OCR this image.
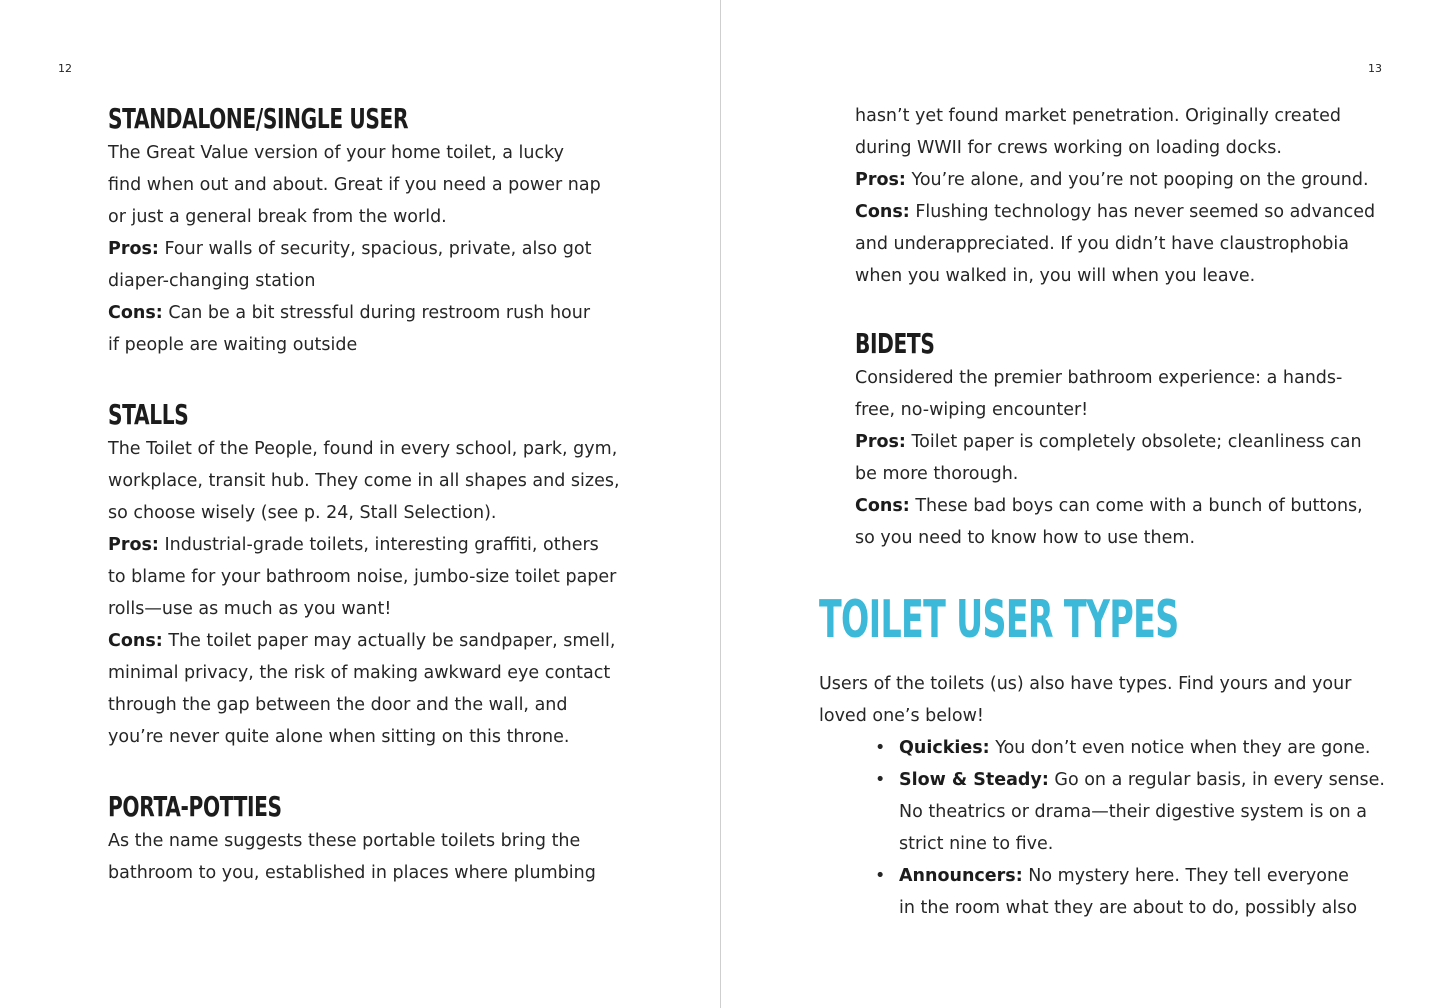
12
STANDALONE/SINGLE USER

The Great Value version of your home toilet, a lucky

find when out and about. Great if you need a power nap

or just a general break from the world.

Pros: Four walls of security, spacious, private, also got

diaper-changing station

Cons: Can be a bit stressful during restroom rush hour

if people are waiting outside

STALLS

The Toilet of the People, found in every school, park, gym,

workplace, transit hub. They come in all shapes and sizes,

so choose wisely (see p. 24, Stall Selection).

Pros: Industrial-grade toilets, interesting graffiti, others

to blame for your bathroom noise, jumbo-size toilet paper

rolls—use as much as you want!

Cons: The toilet paper may actually be sandpaper, smell,

minimal privacy, the risk of making awkward eye contact

through the gap between the door and the wall, and

you’re never quite alone when sitting on this throne.

PORTA-POTTIES

As the name suggests these portable toilets bring the

bathroom to you, established in places where plumbing

13

hasn’t yet found market penetration. Originally created

during WWII for crews working on loading docks.

Pros: You’re alone, and you’re not pooping on the ground.

Cons: Flushing technology has never seemed so advanced

and underappreciated. If you didn’t have claustrophobia

when you walked in, you will when you leave.

BIDETS

Considered the premier bathroom experience: a hands-

free, no-wiping encounter!

Pros: Toilet paper is completely obsolete; cleanliness can

be more thorough.

Cons: These bad boys can come with a bunch of buttons,

so you need to know how to use them.

TOILET USER TYPES

Users of the toilets (us) also have types. Find yours and your

loved one’s below!

• Quickies: You don’t even notice when they are gone.

• Slow & Steady: Go on a regular basis, in every sense.

No theatrics or drama—their digestive system is on a

strict nine to five.

• Announcers: No mystery here. They tell everyone

in the room what they are about to do, possibly also
